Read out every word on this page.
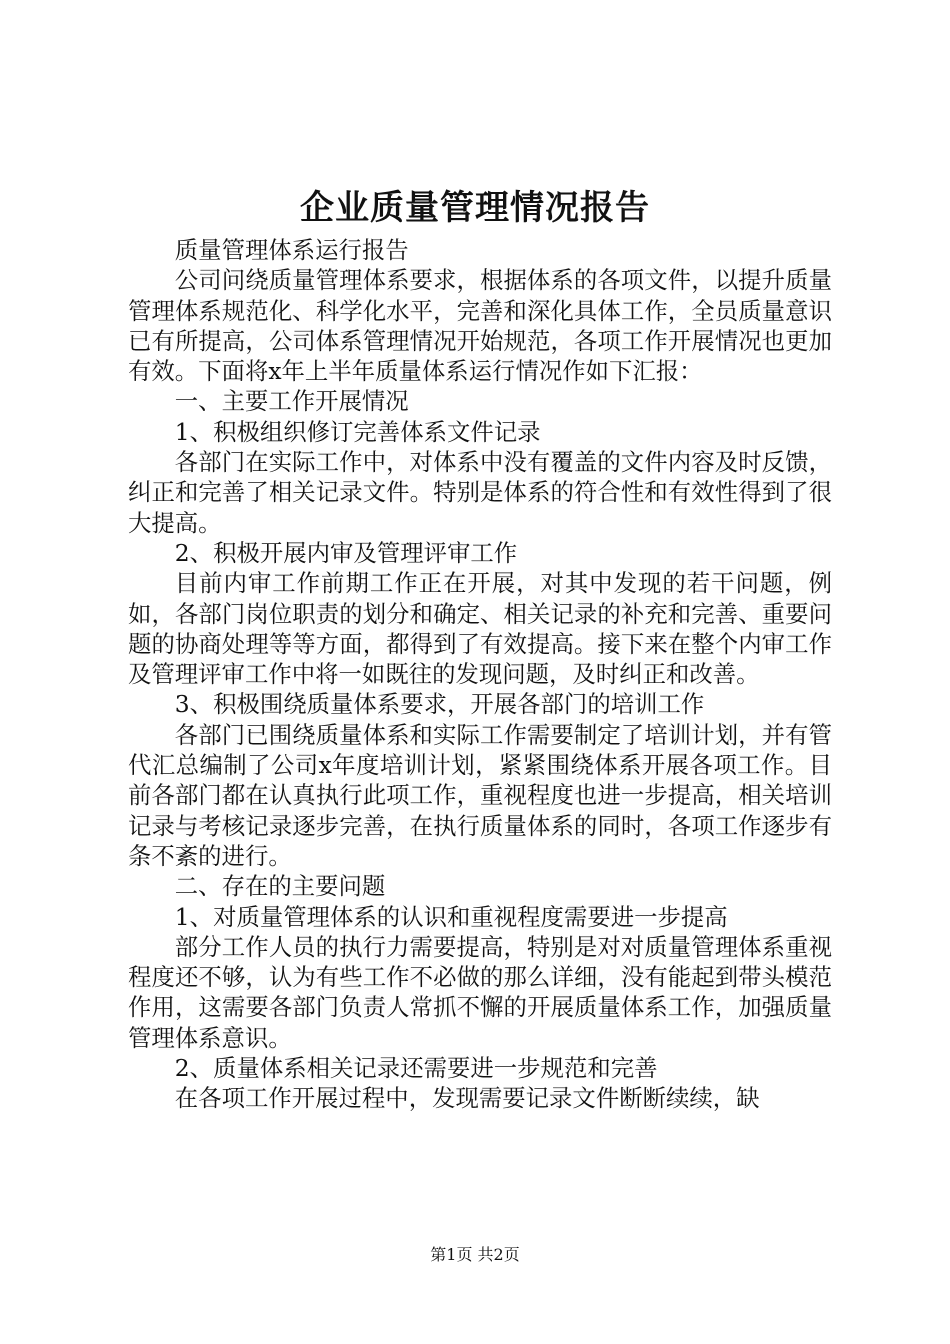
企业质量管理情况报告

质量管理体系运行报告

公司问绕质量管理体系要求，根据体系的各项文件，以提升质量管理体系规范化、科学化水平，完善和深化具体工作，全员质量意识已有所提高，公司体系管理情况开始规范，各项工作开展情况也更加有效。下面将x年上半年质量体系运行情况作如下汇报：

一、主要工作开展情况

1、积极组织修订完善体系文件记录

各部门在实际工作中，对体系中没有覆盖的文件内容及时反馈，纠正和完善了相关记录文件。特别是体系的符合性和有效性得到了很大提高。

2、积极开展内审及管理评审工作

目前内审工作前期工作正在开展，对其中发现的若干问题，例如，各部门岗位职责的划分和确定、相关记录的补充和完善、重要问题的协商处理等等方面，都得到了有效提高。接下来在整个内审工作及管理评审工作中将一如既往的发现问题，及时纠正和改善。

3、积极围绕质量体系要求，开展各部门的培训工作

各部门已围绕质量体系和实际工作需要制定了培训计划，并有管代汇总编制了公司x年度培训计划，紧紧围绕体系开展各项工作。目前各部门都在认真执行此项工作，重视程度也进一步提高，相关培训记录与考核记录逐步完善，在执行质量体系的同时，各项工作逐步有条不紊的进行。

二、存在的主要问题

1、对质量管理体系的认识和重视程度需要进一步提高

部分工作人员的执行力需要提高，特别是对对质量管理体系重视程度还不够，认为有些工作不必做的那么详细，没有能起到带头模范作用，这需要各部门负责人常抓不懈的开展质量体系工作，加强质量管理体系意识。

2、质量体系相关记录还需要进一步规范和完善

在各项工作开展过程中，发现需要记录文件断断续续，缺

第1页 共2页
